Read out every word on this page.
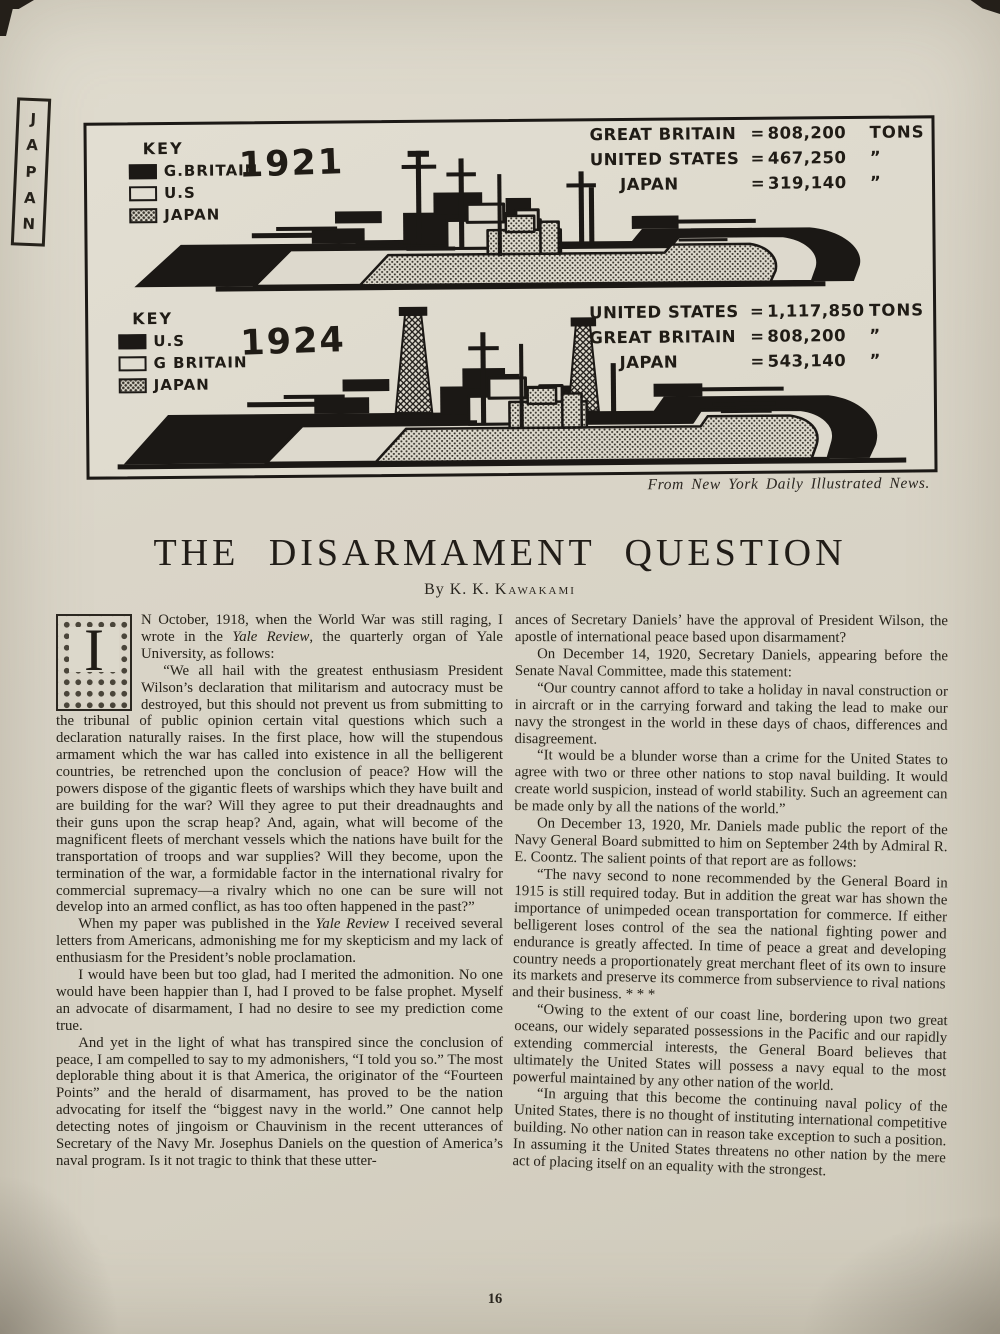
J
A
P
A
N
KEY
G.BRITAIN
U.S
JAPAN
1921
GREAT BRITAIN = 808,200	TONS
UNITED STATES = 467,250	”
JAPAN	= 319,140	”
KEY
U.S
G BRITAIN
JAPAN
1924
UNITED STATES = 1,117,850 TONS
GREAT BRITAIN = 808,200	”
JAPAN	= 543,140	”
From New York Daily Illustrated News.
THE DISARMAMENT QUESTION
By K. K. Kawakami

I	N October, 1918, when the World War was still raging, I wrote in the Yale Review, the quarterly organ of Yale University, as follows:

“We all hail with the greatest enthusiasm President Wilson’s declaration that militarism and autocracy must be destroyed, but this should not prevent us from submitting to the tribunal of public opinion certain vital questions which such a declaration naturally raises. In the first place, how will the stupendous armament which the war has called into existence in all the belligerent countries, be retrenched upon the conclusion of peace? How will the powers dispose of the gigantic fleets of warships which they have built and are building for the war? Will they agree to put their dreadnaughts and their guns upon the scrap heap? And, again, what will become of the magnificent fleets of merchant vessels which the nations have built for the transportation of troops and war supplies? Will they become, upon the termination of the war, a formidable factor in the international rivalry for commercial supremacy—a rivalry which no one can be sure will not develop into an armed conflict, as has too often happened in the past?”

When my paper was published in the Yale Review I received several letters from Americans, admonishing me for my skepticism and my lack of enthusiasm for the President’s noble proclamation.

I would have been but too glad, had I merited the admonition. No one would have been happier than I, had I proved to be false prophet. Myself an advocate of disarmament, I had no desire to see my prediction come true.

And yet in the light of what has transpired since the conclusion of peace, I am compelled to say to my admonishers, “I told you so.” The most deplorable thing about it is that America, the originator of the “Fourteen Points” and the herald of disarmament, has proved to be the nation advocating for itself the “biggest navy in the world.” One cannot help detecting notes of jingoism or Chauvinism in the recent utterances of Secretary of the Navy Mr. Josephus Daniels on the question of America’s naval program. Is it not tragic to think that these utter-

ances of Secretary Daniels’ have the approval of President Wilson, the apostle of international peace based upon disarmament?

On December 14, 1920, Secretary Daniels, appearing before the Senate Naval Committee, made this statement:

“Our country cannot afford to take a holiday in naval construction or in aircraft or in the carrying forward and taking the lead to make our navy the strongest in the world in these days of chaos, differences and disagreement.

“It would be a blunder worse than a crime for the United States to agree with two or three other nations to stop naval building. It would create world suspicion, instead of world stability. Such an agreement can be made only by all the nations of the world.”

On December 13, 1920, Mr. Daniels made public the report of the Navy General Board submitted to him on September 24th by Admiral R. E. Coontz. The salient points of that report are as follows:

“The navy second to none recommended by the General Board in 1915 is still required today. But in addition the great war has shown the importance of unimpeded ocean transportation for commerce. If either belligerent loses control of the sea the national fighting power and endurance is greatly affected. In time of peace a great and developing country needs a proportionately great merchant fleet of its own to insure its markets and preserve its commerce from subservience to rival nations and their business. * * *

“Owing to the extent of our coast line, bordering upon two great oceans, our widely separated possessions in the Pacific and our rapidly extending commercial interests, the General Board believes that ultimately the United States will possess a navy equal to the most powerful maintained by any other nation of the world.

“In arguing that this become the continuing naval policy of the United States, there is no thought of instituting international competitive building. No other nation can in reason take exception to such a position. In assuming it the United States threatens no other nation by the mere act of placing itself on an equality with the strongest.

16
